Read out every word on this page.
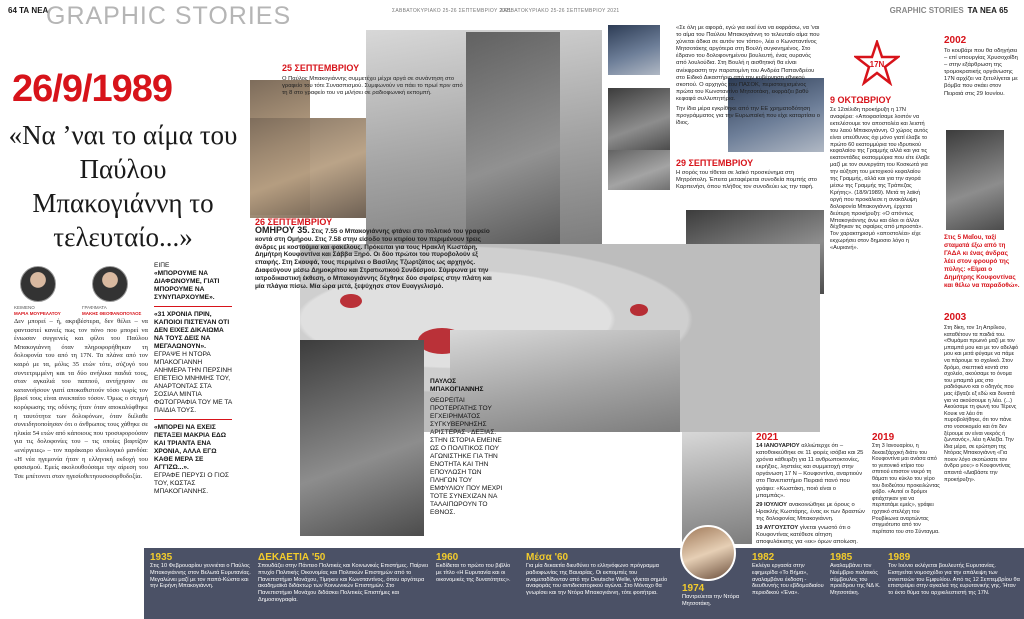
64 ΤΑ ΝΕΑ
GRAPHIC STORIES	ΣΑΒΒΑΤΟΚΥΡΙΑΚΟ 25-26 ΣΕΠΤΕΜΒΡΙΟΥ 2021
ΣΑΒΒΑΤΟΚΥΡΙΑΚΟ 25-26 ΣΕΠΤΕΜΒΡΙΟΥ 2021	GRAPHIC STORIES ΤΑ ΝΕΑ 65
26/9/1989
«Να ’ναι το αίμα του Παύλου Μπακογιάννη το τελευταίο...»
ΚΕΙΜΕΝΟ
ΜΑΡΙΑ ΜΟΥΡΕΛΑΤΟΥ
ΓΡΑΦΙΜΑΤΑ
ΜΑΚΗΣ ΘΕΟΦΑΝΟΠΟΥΛΟΣ
Δεν μπορεί – ή, ακριβέστερα, δεν θέλει – να φανταστεί κανείς πως τον πόνο που μπορεί να ένιωσαν συγγενείς και φίλοι του Παύλου Μπακογιάννη όταν πληροφορήθηκαν τη δολοφονία του από τη 17Ν. Τα πλάνα από τον καιρό με τα, μόλις 35 ετών τότε, σύζυγό του συντετριμμένη και τα δύο ανήλικα παιδιά τους, σταν αγκαλιά του παππού, αντήχησαν σε κατανοήσουν γιατί αποκαθιστούν τόσο νωρίς τον βρισί τους είναι ανεκπαίτο τόσον. Όμως ο στιγμή κορύφωσης της οδύνης ήταν όταν αποκαλύφθηκε η ταυτότητα των δολοφόνων, όταν διέλαθε συνειδητοποίησαν ότι ο άνθρωπος τους χάθηκε σε ηλικία 54 ετών από κάποιους που τροσυφορούσαν για τις δολοφονίες του – τις οποίες βαφτίζαν «ενέργειες» – τον παράκαιρο ιδεολογικό μανδύα: «Η νέα ηγεμονία ήταν η ελληνική εκδοχή του φασισμού. Εμείς ακολουθούσαμε την αίρεση του Τσε μπέτονιτι σταν ηγεσίοθετηουσοσορθοδοξία.
ΕΙΠΕ
«ΜΠΟΡΟΥΜΕ ΝΑ ΔΙΑΦΩΝΟΥΜΕ, ΓΙΑΤΙ ΜΠΟΡΟΥΜΕ ΝΑ ΣΥΝΥΠΑΡΧΟΥΜΕ».
«31 ΧΡΟΝΙΑ ΠΡΙΝ, ΚΑΠΟΙΟΙ ΠΙΣΤΕΥΑΝ ΟΤΙ ΔΕΝ ΕΙΧΕΣ ΔΙΚΑΙΩΜΑ ΝΑ ΤΟΥΣ ΔΕΙΣ ΝΑ ΜΕΓΑΛΩΝΟΥΝ».
ΕΓΡΑΨΕ Η ΝΤΟΡΑ ΜΠΑΚΟΓΙΑΝΝΗ ΑΝΗΜΕΡΑ ΤΗΝ ΠΕΡΣΙΝΗ ΕΠΕΤΕΙΟ ΜΝΗΜΗΣ ΤΟΥ, ΑΝΑΡΤΟΝΤΑΣ ΣΤΑ ΣΟΣΙΑΛ ΜΙΝΤΙΑ ΦΩΤΟΓΡΑΦΙΑ ΤΟΥ ΜΕ ΤΑ ΠΑΙΔΙΑ ΤΟΥΣ.
«ΜΠΟΡΕΙ ΝΑ ΕΧΕΙΣ ΠΕΤΑΞΕΙ ΜΑΚΡΙΑ ΕΔΩ ΚΑΙ ΤΡΙΑΝΤΑ ΕΝΑ ΧΡΟΝΙΑ, ΑΛΛΑ ΕΓΩ ΚΑΘΕ ΜΕΡΑ ΣΕ ΑΓΓΙΖΩ...».
ΕΓΡΑΦΕ ΠΕΡΥΣΙ Ο ΓΙΟΣ ΤΟΥ, ΚΩΣΤΑΣ ΜΠΑΚΟΓΙΑΝΝΗΣ.
25 ΣΕΠΤΕΜΒΡΙΟΥ
Ο Παύλος Μπακογιάννης συμμετέχει μέχρι αργά σε συνάντηση στο γραφείο του τότε Συνασπισμού. Συμφωνούν να πάει το πρωί πριν από τη 8 στο γραφείο του να μιλήσει σε ραδιοφωνική εκπομπή.
26 ΣΕΠΤΕΜΒΡΙΟΥ
ΟΜΗΡΟΥ 35. Στις 7.55 ο Μπακογιάννης φτάνει στο πολιτικό του γραφείο κοντά στη Ομήρου. Στις 7.58 στην είσοδο του κτιρίου τον περιμένουν τρεις άνδρες με κοστούμια και φακέλους. Πρόκειται για τους Ηρακλή Κωστάρη, Δημήτρη Κουφοντίνα και Σάββα Ξηρό. Οι δύο πρώτοι του πυροβολούν εξ επαφής. Στη Σκουφά, τους περιμένει ο Βασίλης Τζωρτζάτος ως αρχηγός. Διαφεύγουν μέσω Δημοκρίτου και Στρατιωτικού Συνδέσμου. Σύμφωνα με την ιατροδικαστική έκθεση, ο Μπακογιάννης δέχθηκε δύο σφαίρες στην πλάτη και μία πλάγια πίσω. Μία ώρα μετά, ξεψύχησε στον Ευαγγελισμό.
«Σε όλη με αφορά, εγώ για εκεί ένα να εκφράσω, να 'ναι το αίμα του Παύλου Μπακογιάννη το τελευταίο αίμα που χύνεται άδικα σε αυτόν τον τόπο», λέει ο Κωνσταντίνος Μητσοτάκης αργότερα στη Βουλή συγκινημένος. Στο έδρανο του δολοφονημένου βουλευτή, ένας ουρανός από λουλούδια. Στη Βουλή η αισθητική θα είναι ανέκφραστη την παρατομίνη του Ανδρέα Παπανδρέου στο Ειδικό Δικαστήριο από την κυβέρνηση εθνικού σκοπού. Ο αρχηγός του ΠΑΣΟΚ, περιστοιχισμένος πρώτα του Κωνσταντίνο Μητσοτάκη, εκφράζει βαθύ κεφαφά συλλυπητήρια.
Την ίδια μέρα εγκρίθηκε από την ΕΕ χρηματοδότηση προγράμματος για την Ευρωπαϊκή που είχε καταρτίσει ο ίδιος.
29 ΣΕΠΤΕΜΒΡΙΟΥ
Η σορός του τίθεται σε λαϊκό προσκύνημα στη Μητρόπολη. Έπειτα μεταφέρεται συνοδεία πομπής στο Καρπενήσι, όπου πλήθος τον συνοδεύει ως την ταφή.
ΠΑΥΛΟΣ ΜΠΑΚΟΓΙΑΝΝΗΣ
ΘΕΩΡΕΙΤΑΙ ΠΡΟΤΕΡΓΑΤΗΣ ΤΟΥ ΕΓΧΕΙΡΗΜΑΤΟΣ ΣΥΓΚΥΒΕΡΝΗΣΗΣ ΑΡΙΣΤΕΡΑΣ - ΔΕΞΙΑΣ. ΣΤΗΝ ΙΣΤΟΡΙΑ ΕΜΕΙΝΕ ΩΣ Ο ΠΟΛΙΤΙΚΟΣ ΠΟΥ ΑΓΩΝΙΣΤΗΚΕ ΓΙΑ ΤΗΝ ΕΝΟΤΗΤΑ ΚΑΙ ΤΗΝ ΕΠΟΥΛΩΣΗ ΤΩΝ ΠΛΗΓΩΝ ΤΟΥ ΕΜΦΥΛΙΟΥ ΠΟΥ ΜΕΧΡΙ ΤΟΤΕ ΣΥΝΕΧΙΖΑΝ ΝΑ ΤΑΛΑΙΠΩΡΟΥΝ ΤΟ ΕΘΝΟΣ.
17N
9 ΟΚΤΩΒΡΙΟΥ
Σε 12σέλιδη προκήρυξη η 17Ν αναφέρει: «Αποφασίσαμε λοιπόν να εκτελέσουμε τον αποστολέα και λειστή του λαού Μπακογιάννη. Ο χώρος αυτός είναι υπεύθυνος όχι μόνο γιατί έλαβε το πρώτο 60 εκατομμύρια του ιδρυτικού κεφαλαίου της Γραμμής αλλά και για τις εκατοντάδες εκατομμύρια που είτε έλαβε μαζί με τον συνεργάτη του Κοσκωτά για την αύξηση του μετοχικού κεφαλαίου της Γραμμής, αλλά και για την αγορά μέσω της Γραμμής της Τράπεζας Κρήτης». (18/9/1989). Μετά τη λαϊκή οργή που προκάλεσε η ανακάλυψη δολοφονία Μπακογιάννη, έρχεται δεύτερη προκήρυξη: «Ο απόντως Μπακογιάννης άνω και όλοι οι άλλοι δέχθηκαν τις σφαίρες από μπροστά». Τον χαρακτηρισμό «αποστολέα» είχε εκχωρήσει στον δημοσιο λόγο η «Αυριανή».
2002
Το κουβάρι που θα οδηγήσει – επί υπουργίας Χρυσοχοΐδη – στην εξάρθρωση της τρομοκρατικής οργάνωσης 17Ν αρχίζει να ξετυλίγεται με βόμβα που σκάει στον Πειραιά στις 29 Ιουνίου.
Στις 5 Μαΐου, ταξί σταματά έξω από τη ΓΑΔΑ κι ένας άνδρας λέει στον φρουρό της πύλης: «Είμαι ο Δημήτρης Κουφοντίνας και θέλω να παραδοθώ».
2003
Στη δίκη, τον 1η Απρίλιου, καταθέτουν τα παιδιά του. «Θυμάμαι πρωινό μαζί με τον μπαμπά μου και με τον αδελφό μου και μετά φύγαμε να πάμε να πάρουμε το σχολικό. Στον δρόμο, σκεπτικά κοντά στο σχολείο, ακούσαμε το όνομα του μπαμπά μας στο ραδιόφωνο και ο οδηγός που μας έβγαζε εξ εδώ και δυνατά για να ακούσουμε η λέει. (...) Ακούσαμε τη φωνή του Τέρενς Κουικ να λέει ότι πυροβολήθηκε, ότι τον πάνε στο νοσοκομείο και ότι δεν ξέρουμε αν είναι νεκρός ή ζωντανός», λέει η Αλεξία. Την ίδια μέρα, σε ερώτηση της Ντόρας Μπακογιάννη «Για ποιον λόγο σκοτώσατε τον άνδρα μου;» ο Κουφοντίνας απαντά «Διαβάστε την προκήρυξη».
2021
14 ΙΑΝΟΥΑΡΙΟΥ αλλιώτερχε ότι – κατοθοικεύθηκε σε 11 φορές ισόβια και 25 χρόνια κάθειρξη για 11 ανθρωποκτονίες, εκρήξεις, ληστείες και συμμετοχή στην οργάνωση 17 Ν – Κουφοντίνα, αναρτιούν στο Πανεπιστήμιο Πειραιά πανό που γράφει: «Κωστάκη, ποιό είναι ο μπαμπάς».
29 ΙΟΥΛΙΟΥ ανακοινώθηκε με όρους ο Ηρακλής Κωστάρης, ένας εκ των δραστών της δολοφονίας Μπακογιάννη.
19 ΑΥΓΟΥΣΤΟΥ γίνεται γνωστό ότι ο Κουφοντίνας κατέθεσε αίτηση αποφυλάκισης για «εκ» όρων αποίωση.
2019
Στη 3 Ιανουαρίου, η δεκαεξάρχική διάτυ του Κουφοντίνα μαι ανάσα από το γειτονικό κτίριο του σπιτιού επιστον νεκρό τη θάματι του κύκλο του γέρο του διοδεύτου προκειλώντας φόβο. «Αυτοί οι δρόμοι φτιάχτηκαν για να περπατάμε εμείς», γράφει ηχητικό στελέχη του Ρουβίκωνα αναρτώντας στιγμιότυπο από τον περίπατο του στο Σύνταγμα.
1935
Στις 10 Φεβρουαρίου γεννιέται ο Παύλος Μπακογιάννης στον Βελωτά Ευρυτανίας. Μεγαλώνει μαζί με τον παπά-Κώστα και την Ειρήνη Μπακογιάννη.
ΔΕΚΑΕΤΙΑ '50
Σπουδάζει στην Πάντειο Πολιτικές και Κοινωνικές Επιστήμες. Παίρνει πτυχίο Πολιτικής Οικονομίας και Πολιτικών Επιστημών από το Πανεπιστήμιο Μονάχου, Τίμηκεν και Κωνσταντίνος, όπου αργότερα ακαδημαϊκά διδάκτωρ των Κοινωνικών Επιστημών. Στο Πανεπιστήμιο Μονάχου διδάσκει Πολιτικές Επιστήμες και Δημοσιογραφία.
1960
Εκδίδεται το πρώτο του βιβλίο με τίτλο «Η Ευρυτανία και οι οικονομικές της δυνατότητες».
Μέσα '60
Για μία δεκαετία διευθύνει το ελληνόφωνο πρόγραμμα ραδιοφωνίας της Βαυαρίας. Οι εκπομπές του αναμεταδίδονταν από την Deutsche Welle, γίνεται σημείο αναφοράς του αντιδικτατορικού αγώνα. Στο Μόναχο θα γνωρίσει και την Ντόρα Μπακογιάννη, τότε φοιτήτρια.	1974
Παντρεύεται την Ντόρα Μητσοτάκη.
1982
Εκλέγει εργασία στην εφημερίδα «Το Βήμα», αναλαμβάνει έκδοση - διευθυντής του εβδομαδιαίου περιοδικού «Ένα».
1985
Αναλαμβάνει τον Νοέμβριο πολιτικός σύμβουλος του προέδρου της ΝΔ Κ. Μητσοτάκη.
1989
Τον Ιούνιο εκλέγεται βουλευτής Ευρυτανίας. Εισηγείται νομοσχέδιο για την απάλειψη των συνεπειών του Εμφυλίου. Από τις 12 Σεπτεμβρίου θα επιστρέψει στην αγκαλιά της ευρυτανικής γης. Ήταν το έκτο θύμα του αρχικιλεστιστή της 17Ν.
